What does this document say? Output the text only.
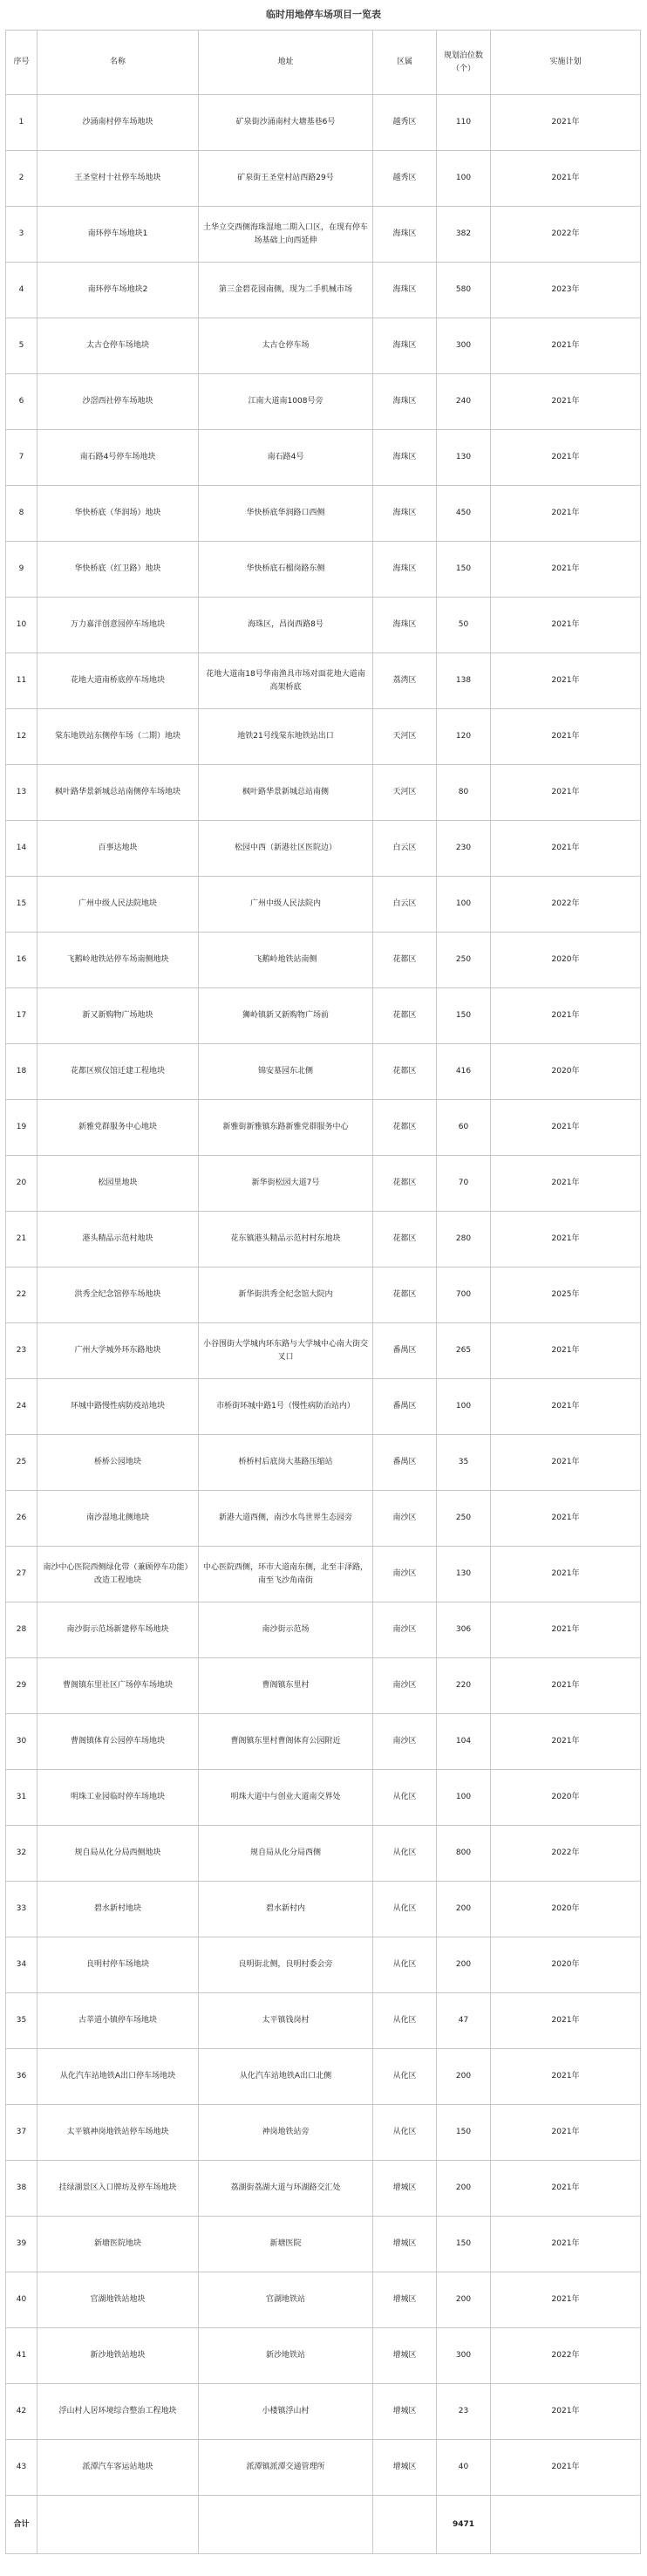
临时用地停车场项目一览表
序号	名称	地址	区属	规划泊位数（个）	实施计划
1	沙涌南村停车场地块	矿泉街沙涌南村大塘基巷6号	越秀区	110	2021年
2	王圣堂村十社停车场地块	矿泉街王圣堂村站西路29号	越秀区	100	2021年
3	南环停车场地块1	土华立交西侧海珠湿地二期入口区，在现有停车场基础上向西延伸	海珠区	382	2022年
4	南环停车场地块2	第三金碧花园南侧，现为二手机械市场	海珠区	580	2023年
5	太古仓停车场地块	太古仓停车场	海珠区	300	2021年
6	沙滘西社停车场地块	江南大道南1008号旁	海珠区	240	2021年
7	南石路4号停车场地块	南石路4号	海珠区	130	2021年
8	华快桥底（华润场）地块	华快桥底华润路口西侧	海珠区	450	2021年
9	华快桥底（红卫路）地块	华快桥底石榴岗路东侧	海珠区	150	2021年
10	万力嘉洋创意园停车场地块	海珠区，昌岗西路8号	海珠区	50	2021年
11	花地大道南桥底停车场地块	花地大道南18号华南渔具市场对面花地大道南高架桥底	荔湾区	138	2021年
12	棠东地铁站东侧停车场（二期）地块	地铁21号线棠东地铁站出口	天河区	120	2021年
13	枫叶路华景新城总站南侧停车场地块	枫叶路华景新城总站南侧	天河区	80	2021年
14	百事达地块	松园中西（新港社区医院边）	白云区	230	2021年
15	广州中级人民法院地块	广州中级人民法院内	白云区	100	2022年
16	飞鹅岭地铁站停车场南侧地块	飞鹅岭地铁站南侧	花都区	250	2020年
17	新又新购物广场地块	狮岭镇新又新购物广场前	花都区	150	2021年
18	花都区殡仪馆迁建工程地块	锦安墓园东北侧	花都区	416	2020年
19	新雅党群服务中心地块	新雅街新雅镇东路新雅党群服务中心	花都区	60	2021年
20	松园里地块	新华街松园大道7号	花都区	70	2021年
21	港头精品示范村地块	花东镇港头精品示范村村东地块	花都区	280	2021年
22	洪秀全纪念馆停车场地块	新华街洪秀全纪念馆大院内	花都区	700	2025年
23	广州大学城外环东路地块	小谷围街大学城内环东路与大学城中心南大街交叉口	番禺区	265	2021年
24	环城中路慢性病防疫站地块	市桥街环城中路1号（慢性病防治站内）	番禺区	100	2021年
25	桥桥公园地块	桥桥村后底岗大基路压缩站	番禺区	35	2021年
26	南沙湿地北侧地块	新港大道西侧，南沙水鸟世界生态园旁	南沙区	250	2021年
27	南沙中心医院西侧绿化带（兼顾停车功能）改造工程地块	中心医院西侧，环市大道南东侧，北至丰泽路，南至飞沙角南街	南沙区	130	2021年
28	南沙街示范场新建停车场地块	南沙街示范场	南沙区	306	2021年
29	曹阁镇东里社区广场停车场地块	曹阁镇东里村	南沙区	220	2021年
30	曹阁镇体育公园停车场地块	曹阁镇东里村曹阁体育公园附近	南沙区	104	2021年
31	明珠工业园临时停车场地块	明珠大道中与创业大道南交界处	从化区	100	2020年
32	规自局从化分局西侧地块	规自局从化分局西侧	从化区	800	2022年
33	碧水新村地块	碧水新村内	从化区	200	2020年
34	良明村停车场地块	良明街北侧，良明村委会旁	从化区	200	2020年
35	古莘道小镇停车场地块	太平镇钱岗村	从化区	47	2021年
36	从化汽车站地铁A出口停车场地块	从化汽车站地铁A出口北侧	从化区	200	2021年
37	太平镇神岗地铁站停车场地块	神岗地铁站旁	从化区	150	2021年
38	挂绿湖景区入口牌坊及停车场地块	荔湖街荔湖大道与环湖路交汇处	增城区	200	2021年
39	新塘医院地块	新塘医院	增城区	150	2021年
40	官湖地铁站地块	官湖地铁站	增城区	200	2021年
41	新沙地铁站地块	新沙地铁站	增城区	300	2022年
42	浮山村人居环境综合整治工程地块	小楼镇浮山村	增城区	23	2021年
43	派潭汽车客运站地块	派潭镇派潭交通管理所	增城区	40	2021年
合计				9471	
